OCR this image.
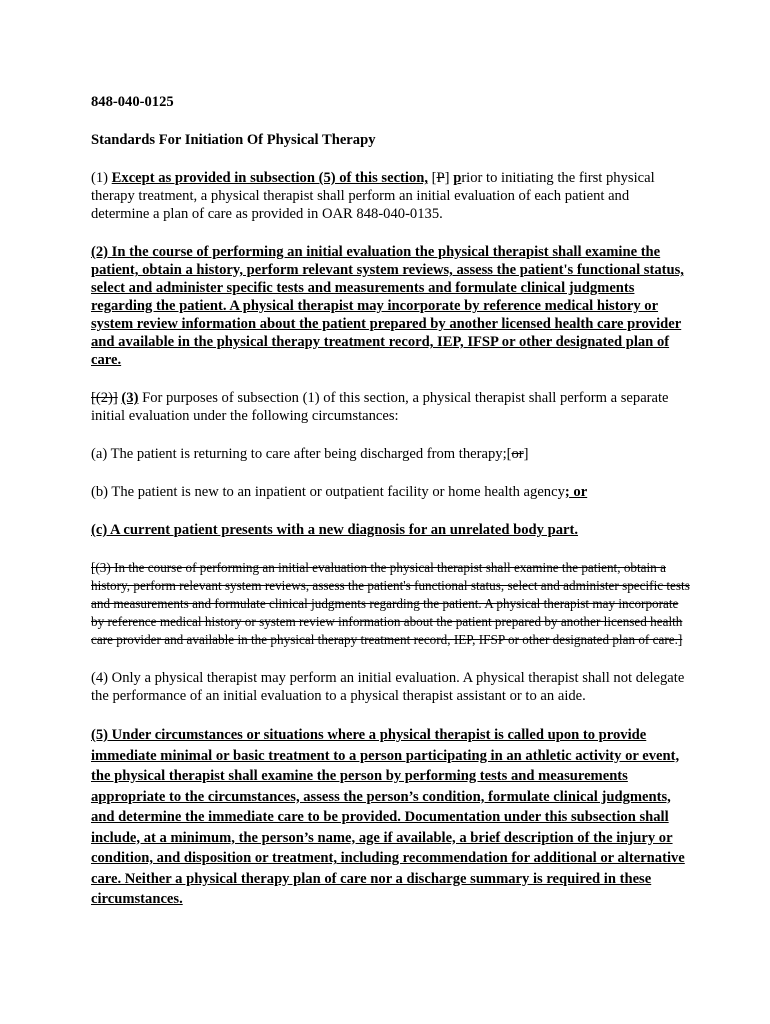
848-040-0125

Standards For Initiation Of Physical Therapy

(1) Except as provided in subsection (5) of this section, [P] prior to initiating the first physical therapy treatment, a physical therapist shall perform an initial evaluation of each patient and determine a plan of care as provided in OAR 848-040-0135.

(2) In the course of performing an initial evaluation the physical therapist shall examine the patient, obtain a history, perform relevant system reviews, assess the patient's functional status, select and administer specific tests and measurements and formulate clinical judgments regarding the patient. A physical therapist may incorporate by reference medical history or system review information about the patient prepared by another licensed health care provider and available in the physical therapy treatment record, IEP, IFSP or other designated plan of care.

[(2)] (3) For purposes of subsection (1) of this section, a physical therapist shall perform a separate initial evaluation under the following circumstances:

(a) The patient is returning to care after being discharged from therapy;[or]

(b) The patient is new to an inpatient or outpatient facility or home health agency; or

(c) A current patient presents with a new diagnosis for an unrelated body part.

[(3) In the course of performing an initial evaluation the physical therapist shall examine the patient, obtain a history, perform relevant system reviews, assess the patient's functional status, select and administer specific tests and measurements and formulate clinical judgments regarding the patient. A physical therapist may incorporate by reference medical history or system review information about the patient prepared by another licensed health care provider and available in the physical therapy treatment record, IEP, IFSP or other designated plan of care.]

(4) Only a physical therapist may perform an initial evaluation. A physical therapist shall not delegate the performance of an initial evaluation to a physical therapist assistant or to an aide.

(5) Under circumstances or situations where a physical therapist is called upon to provide immediate minimal or basic treatment to a person participating in an athletic activity or event, the physical therapist shall examine the person by performing tests and measurements appropriate to the circumstances, assess the person’s condition, formulate clinical judgments, and determine the immediate care to be provided. Documentation under this subsection shall include, at a minimum, the person’s name, age if available, a brief description of the injury or condition, and disposition or treatment, including recommendation for additional or alternative care. Neither a physical therapy plan of care nor a discharge summary is required in these circumstances.
